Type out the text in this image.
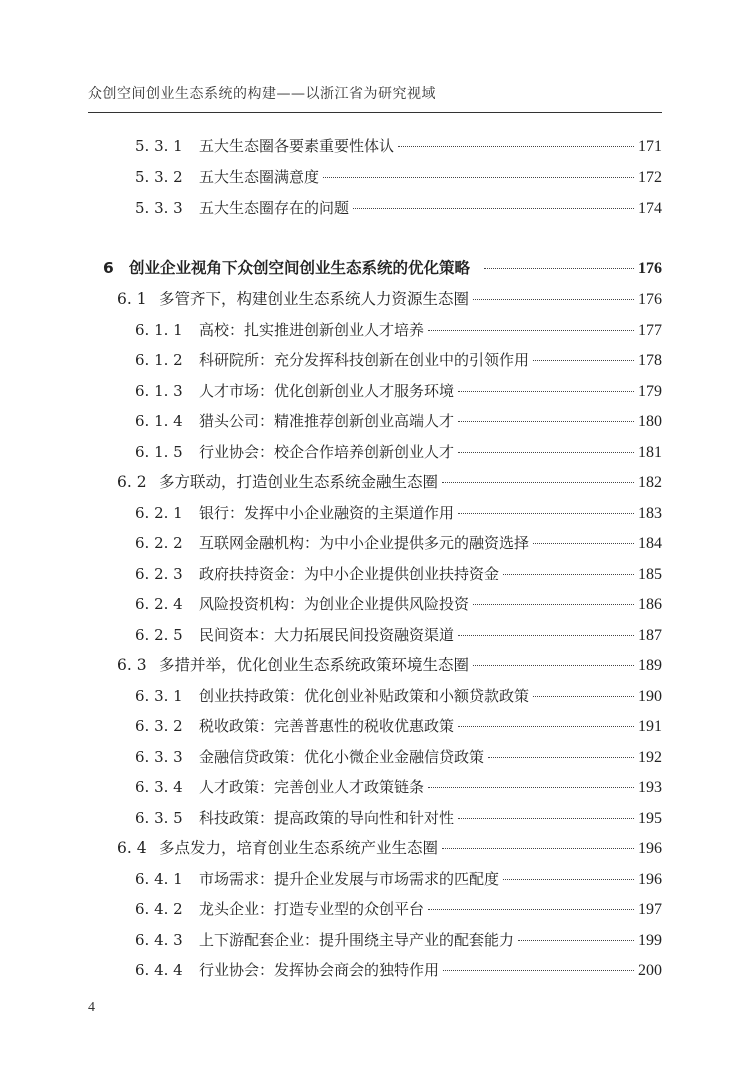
众创空间创业生态系统的构建——以浙江省为研究视域
5. 3. 1	五大生态圈各要素重要性体认	171
5. 3. 2	五大生态圈满意度	172
5. 3. 3	五大生态圈存在的问题	174
6 创业企业视角下众创空间创业生态系统的优化策略	176
6. 1 多管齐下，构建创业生态系统人力资源生态圈	176
6. 1. 1	高校：扎实推进创新创业人才培养	177
6. 1. 2	科研院所：充分发挥科技创新在创业中的引领作用	178
6. 1. 3	人才市场：优化创新创业人才服务环境	179
6. 1. 4	猎头公司：精准推荐创新创业高端人才	180
6. 1. 5	行业协会：校企合作培养创新创业人才	181
6. 2 多方联动，打造创业生态系统金融生态圈	182
6. 2. 1	银行：发挥中小企业融资的主渠道作用	183
6. 2. 2	互联网金融机构：为中小企业提供多元的融资选择	184
6. 2. 3	政府扶持资金：为中小企业提供创业扶持资金	185
6. 2. 4	风险投资机构：为创业企业提供风险投资	186
6. 2. 5	民间资本：大力拓展民间投资融资渠道	187
6. 3 多措并举，优化创业生态系统政策环境生态圈	189
6. 3. 1	创业扶持政策：优化创业补贴政策和小额贷款政策	190
6. 3. 2	税收政策：完善普惠性的税收优惠政策	191
6. 3. 3	金融信贷政策：优化小微企业金融信贷政策	192
6. 3. 4	人才政策：完善创业人才政策链条	193
6. 3. 5	科技政策：提高政策的导向性和针对性	195
6. 4 多点发力，培育创业生态系统产业生态圈	196
6. 4. 1	市场需求：提升企业发展与市场需求的匹配度	196
6. 4. 2	龙头企业：打造专业型的众创平台	197
6. 4. 3	上下游配套企业：提升围绕主导产业的配套能力	199
6. 4. 4	行业协会：发挥协会商会的独特作用	200
4
